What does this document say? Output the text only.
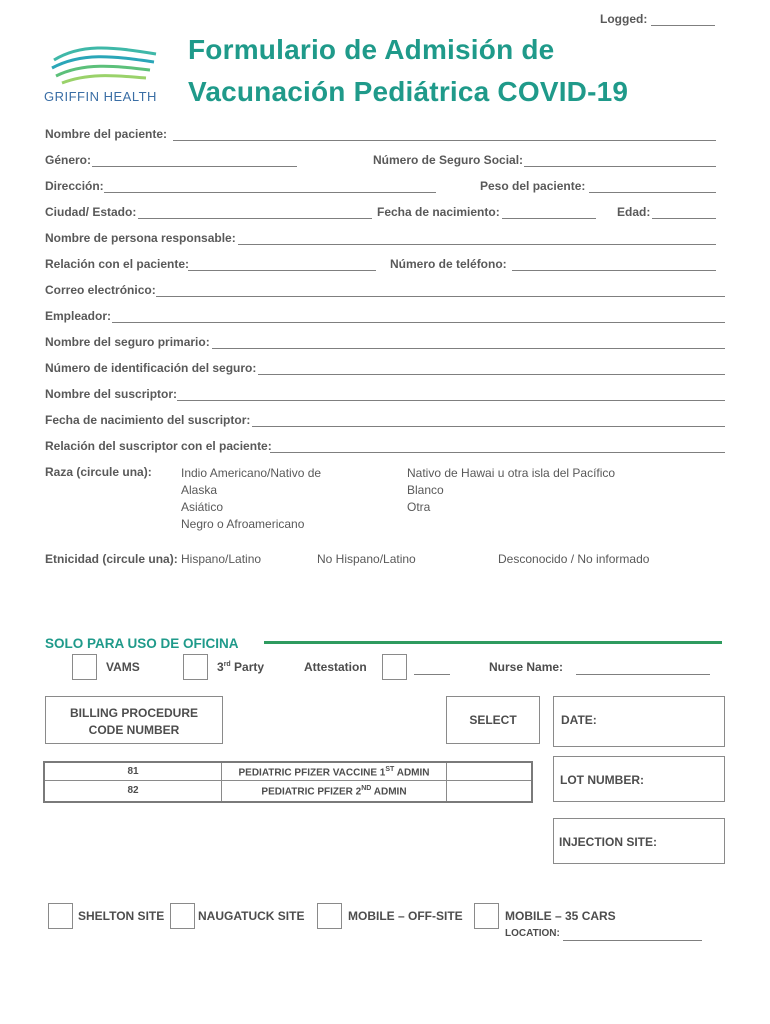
Logged:
GRIFFIN HEALTH
Formulario de Admisión de
Vacunación Pediátrica COVID-19
Nombre del paciente:
Género:	Número de Seguro Social:
Dirección:	Peso del paciente:
Ciudad/ Estado:	Fecha de nacimiento:	Edad:
Nombre de persona responsable:
Relación con el paciente:	Número de teléfono:
Correo electrónico:
Empleador:
Nombre del seguro primario:
Número de identificación del seguro:
Nombre del suscriptor:
Fecha de nacimiento del suscriptor:
Relación del suscriptor con el paciente:
Raza (circule una): Indio Americano/Nativo de
Alaska
Asiático
Negro o Afroamericano
Nativo de Hawai u otra isla del Pacífico
Blanco
Otra
Etnicidad (circule una): Hispano/Latino	No Hispano/Latino	Desconocido / No informado
SOLO PARA USO DE OFICINA
VAMS	3rd Party	Attestation	Nurse Name:
BILLING PROCEDURE
CODE NUMBER
SELECT	DATE:
81	PEDIATRIC PFIZER VACCINE 1ST ADMIN
82	PEDIATRIC PFIZER 2ND ADMIN
LOT NUMBER:
INJECTION SITE:
SHELTON SITE	NAUGATUCK SITE	MOBILE – OFF-SITE	MOBILE – 35 CARS
LOCATION:
